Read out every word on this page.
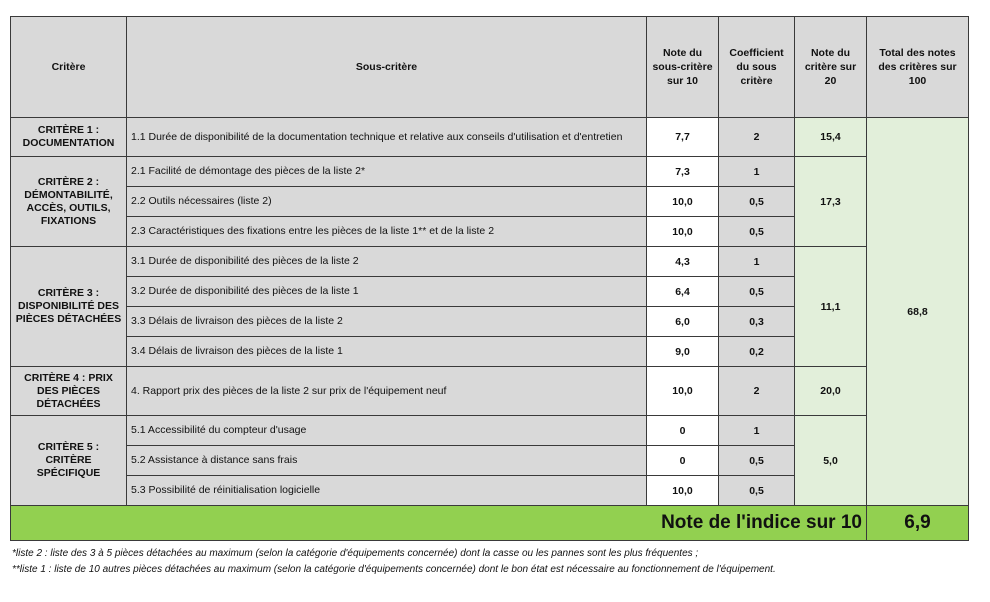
Critère	Sous-critère	Note du sous-critère sur 10	Coefficient du sous critère	Note du critère sur 20	Total des notes des critères sur 100
CRITÈRE 1 : DOCUMENTATION	1.1 Durée de disponibilité de la documentation technique et relative aux conseils d'utilisation et d'entretien	7,7	2	15,4	68,8
CRITÈRE 2 : DÉMONTABILITÉ, ACCÈS, OUTILS, FIXATIONS	2.1 Facilité de démontage des pièces de la liste 2*	7,3	1	17,3	
	2.2 Outils nécessaires (liste 2)	10,0	0,5		
	2.3 Caractéristiques des fixations entre les pièces de la liste 1** et de la liste 2	10,0	0,5		
CRITÈRE 3 : DISPONIBILITÉ DES PIÈCES DÉTACHÉES	3.1 Durée de disponibilité des pièces de la liste 2	4,3	1	11,1	
	3.2 Durée de disponibilité des pièces de la liste 1	6,4	0,5		
	3.3 Délais de livraison des pièces de la liste 2	6,0	0,3		
	3.4 Délais de livraison des pièces de la liste 1	9,0	0,2		
CRITÈRE 4 : PRIX DES PIÈCES DÉTACHÉES	4. Rapport prix des pièces de la liste 2 sur prix de l'équipement neuf	10,0	2	20,0	
CRITÈRE 5 : CRITÈRE SPÉCIFIQUE	5.1 Accessibilité du compteur d'usage	0	1	5,0	
	5.2 Assistance à distance sans frais	0	0,5		
	5.3 Possibilité de réinitialisation logicielle	10,0	0,5		
Note de l'indice sur 10					6,9
*liste 2 : liste des 3 à 5 pièces détachées au maximum (selon la catégorie d'équipements concernée) dont la casse ou les pannes sont les plus fréquentes ;
**liste 1 : liste de 10 autres pièces détachées au maximum (selon la catégorie d'équipements concernée) dont le bon état est nécessaire au fonctionnement de l'équipement.
